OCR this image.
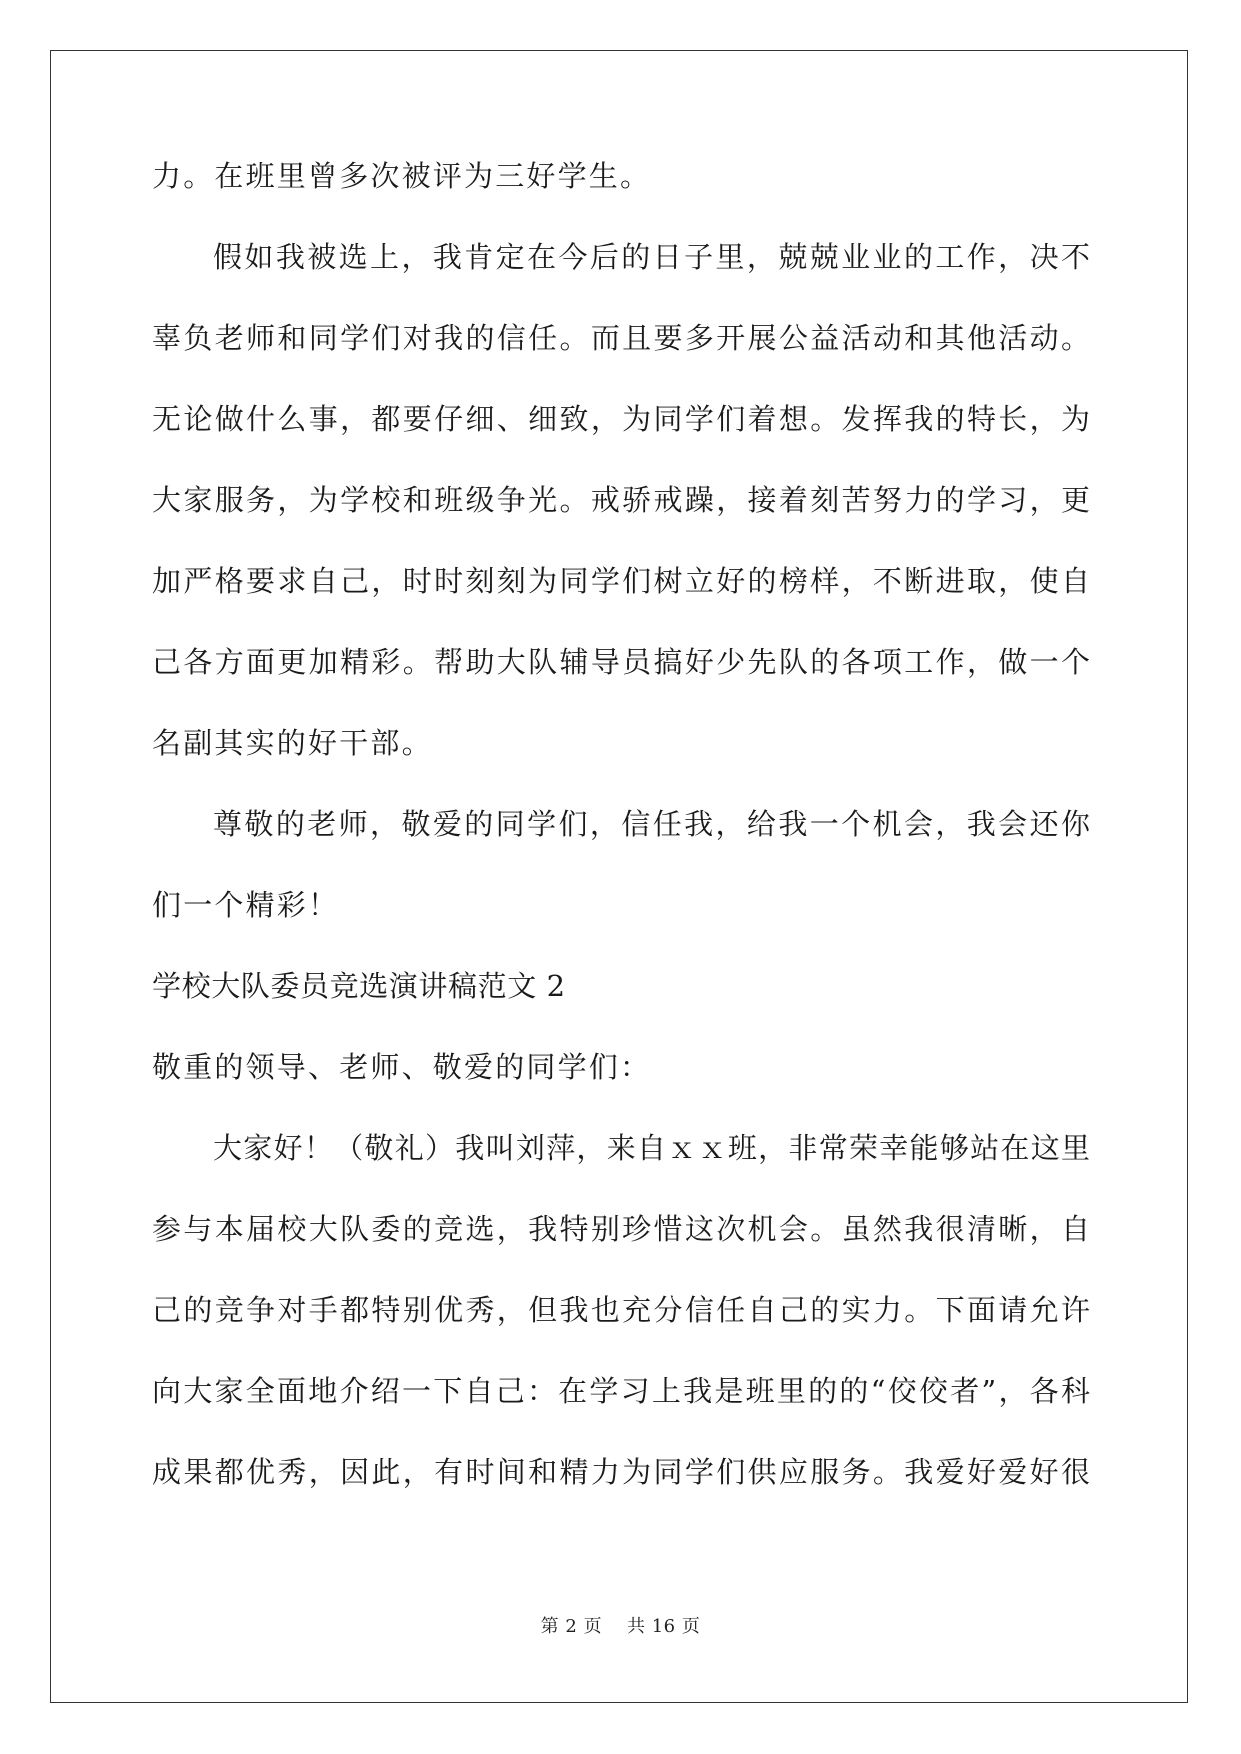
力。在班里曾多次被评为三好学生。
假如我被选上，我肯定在今后的日子里，兢兢业业的工作，决不
辜负老师和同学们对我的信任。而且要多开展公益活动和其他活动。
无论做什么事，都要仔细、细致，为同学们着想。发挥我的特长，为
大家服务，为学校和班级争光。戒骄戒躁，接着刻苦努力的学习，更
加严格要求自己，时时刻刻为同学们树立好的榜样，不断进取，使自
己各方面更加精彩。帮助大队辅导员搞好少先队的各项工作，做一个
名副其实的好干部。
尊敬的老师，敬爱的同学们，信任我，给我一个机会，我会还你
们一个精彩！
学校大队委员竞选演讲稿范文 2
敬重的领导、老师、敬爱的同学们：
大家好！（敬礼）我叫刘萍，来自ｘｘ班，非常荣幸能够站在这里
参与本届校大队委的竞选，我特别珍惜这次机会。虽然我很清晰，自
己的竞争对手都特别优秀，但我也充分信任自己的实力。下面请允许
向大家全面地介绍一下自己：在学习上我是班里的的“佼佼者”，各科
成果都优秀，因此，有时间和精力为同学们供应服务。我爱好爱好很
第 2 页 共 16 页
